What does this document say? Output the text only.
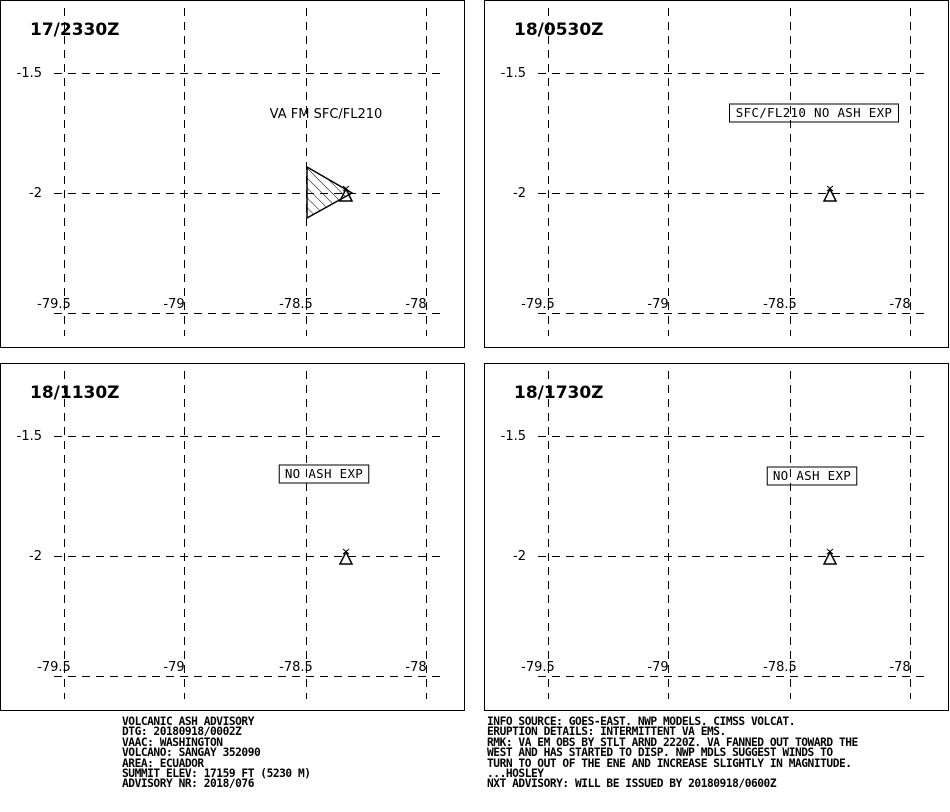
17/2330Z
-1.5
-2
-79.5	-79	-78.5	-78
VA FM SFC/FL210
18/0530Z
-1.5
-2
-79.5	-79	-78.5	-78
SFC/FL210 NO ASH EXP
18/1130Z
-1.5
-2
-79.5	-79	-78.5	-78
NO ASH EXP
18/1730Z
-1.5
-2
-79.5	-79	-78.5	-78
NO ASH EXP
VOLCANIC ASH ADVISORY
DTG: 20180918/0002Z
VAAC: WASHINGTON
VOLCANO: SANGAY 352090
AREA: ECUADOR
SUMMIT ELEV: 17159 FT (5230 M)
ADVISORY NR: 2018/076
INFO SOURCE: GOES-EAST. NWP MODELS. CIMSS VOLCAT.
ERUPTION DETAILS: INTERMITTENT VA EMS.
RMK: VA EM OBS BY STLT ARND 2220Z. VA FANNED OUT TOWARD THE
WEST AND HAS STARTED TO DISP. NWP MDLS SUGGEST WINDS TO
TURN TO OUT OF THE ENE AND INCREASE SLIGHTLY IN MAGNITUDE.
...HOSLEY
NXT ADVISORY: WILL BE ISSUED BY 20180918/0600Z
